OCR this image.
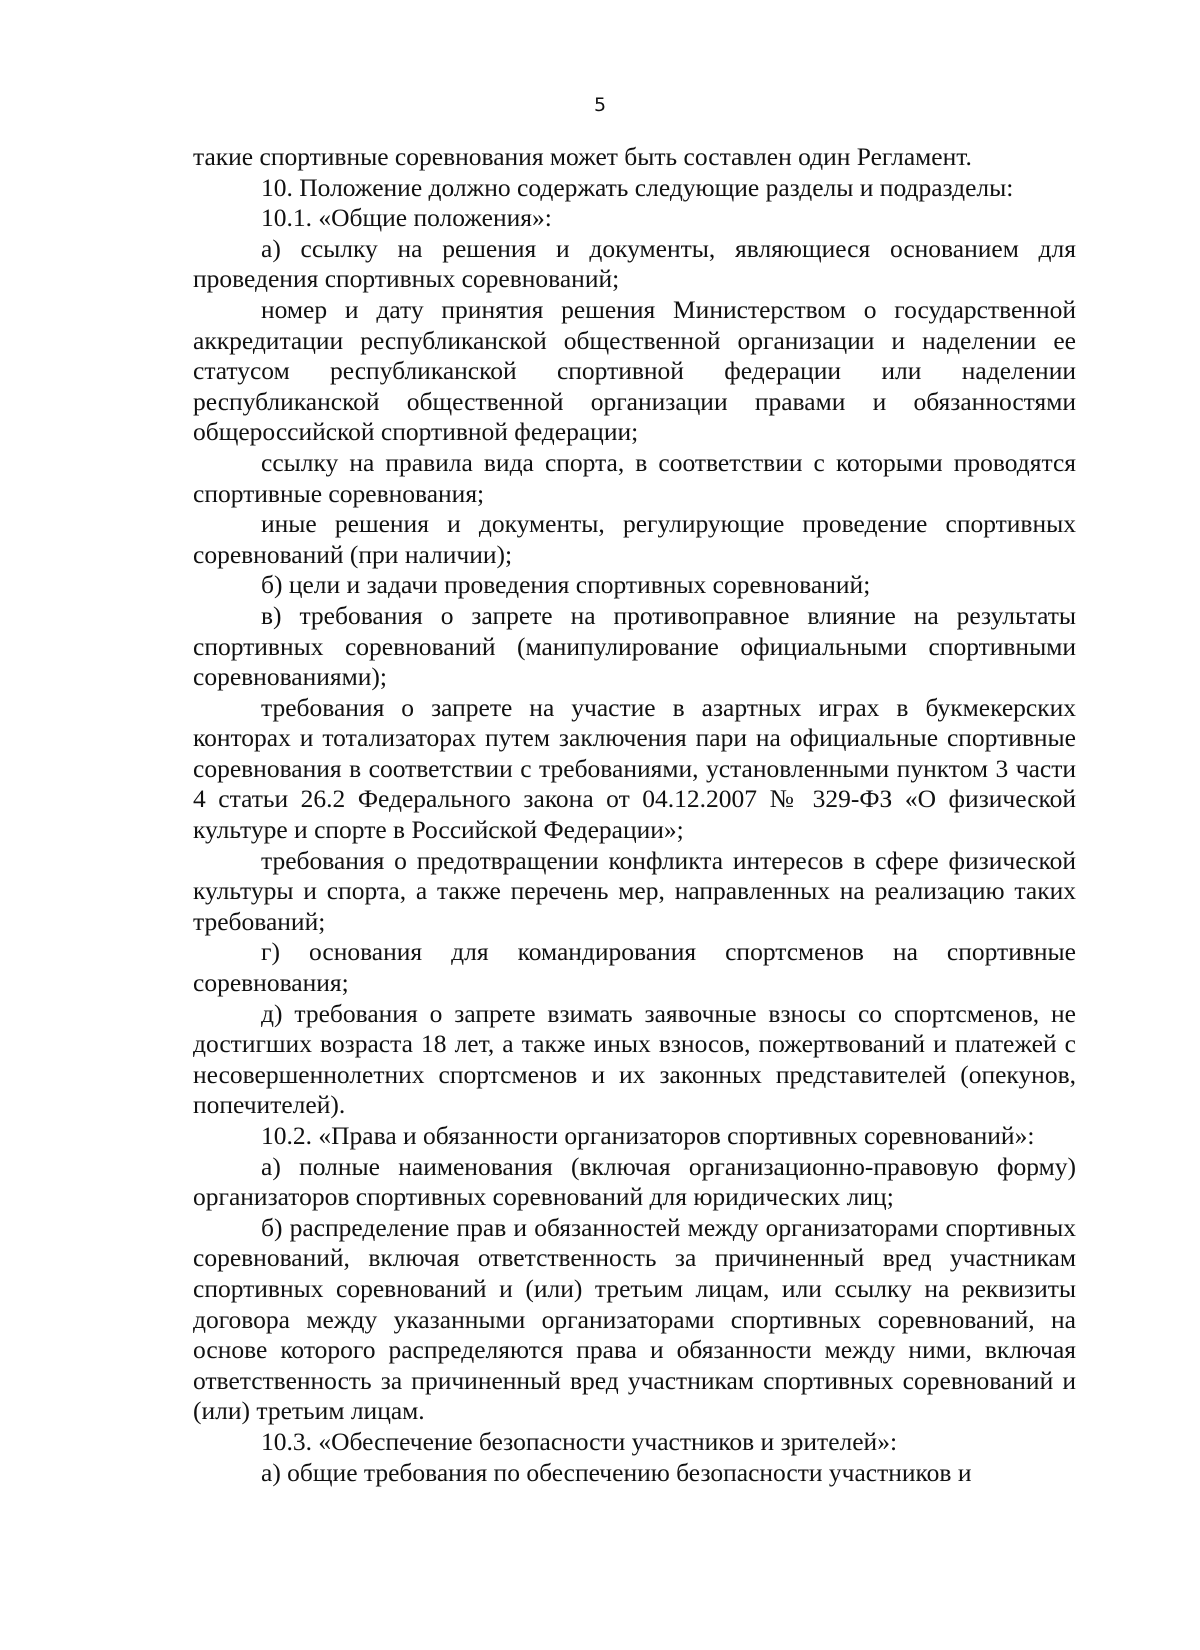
5

такие спортивные соревнования может быть составлен один Регламент.

10. Положение должно содержать следующие разделы и подразделы:

10.1. «Общие положения»:

а) ссылку на решения и документы, являющиеся основанием для проведения спортивных соревнований;

номер и дату принятия решения Министерством о государственной аккредитации республиканской общественной организации и наделении ее статусом республиканской спортивной федерации или наделении республиканской общественной организации правами и обязанностями общероссийской спортивной федерации;

ссылку на правила вида спорта, в соответствии с которыми проводятся спортивные соревнования;

иные решения и документы, регулирующие проведение спортивных соревнований (при наличии);

б) цели и задачи проведения спортивных соревнований;

в) требования о запрете на противоправное влияние на результаты спортивных соревнований (манипулирование официальными спортивными соревнованиями);

требования о запрете на участие в азартных играх в букмекерских конторах и тотализаторах путем заключения пари на официальные спортивные соревнования в соответствии с требованиями, установленными пунктом 3 части 4 статьи 26.2 Федерального закона от 04.12.2007 № 329-ФЗ «О физической культуре и спорте в Российской Федерации»;

требования о предотвращении конфликта интересов в сфере физической культуры и спорта, а также перечень мер, направленных на реализацию таких требований;

г) основания для командирования спортсменов на спортивные соревнования;

д) требования о запрете взимать заявочные взносы со спортсменов, не достигших возраста 18 лет, а также иных взносов, пожертвований и платежей с несовершеннолетних спортсменов и их законных представителей (опекунов, попечителей).

10.2. «Права и обязанности организаторов спортивных соревнований»:

а) полные наименования (включая организационно-правовую форму) организаторов спортивных соревнований для юридических лиц;

б) распределение прав и обязанностей между организаторами спортивных соревнований, включая ответственность за причиненный вред участникам спортивных соревнований и (или) третьим лицам, или ссылку на реквизиты договора между указанными организаторами спортивных соревнований, на основе которого распределяются права и обязанности между ними, включая ответственность за причиненный вред участникам спортивных соревнований и (или) третьим лицам.

10.3. «Обеспечение безопасности участников и зрителей»:

а) общие требования по обеспечению безопасности участников и
